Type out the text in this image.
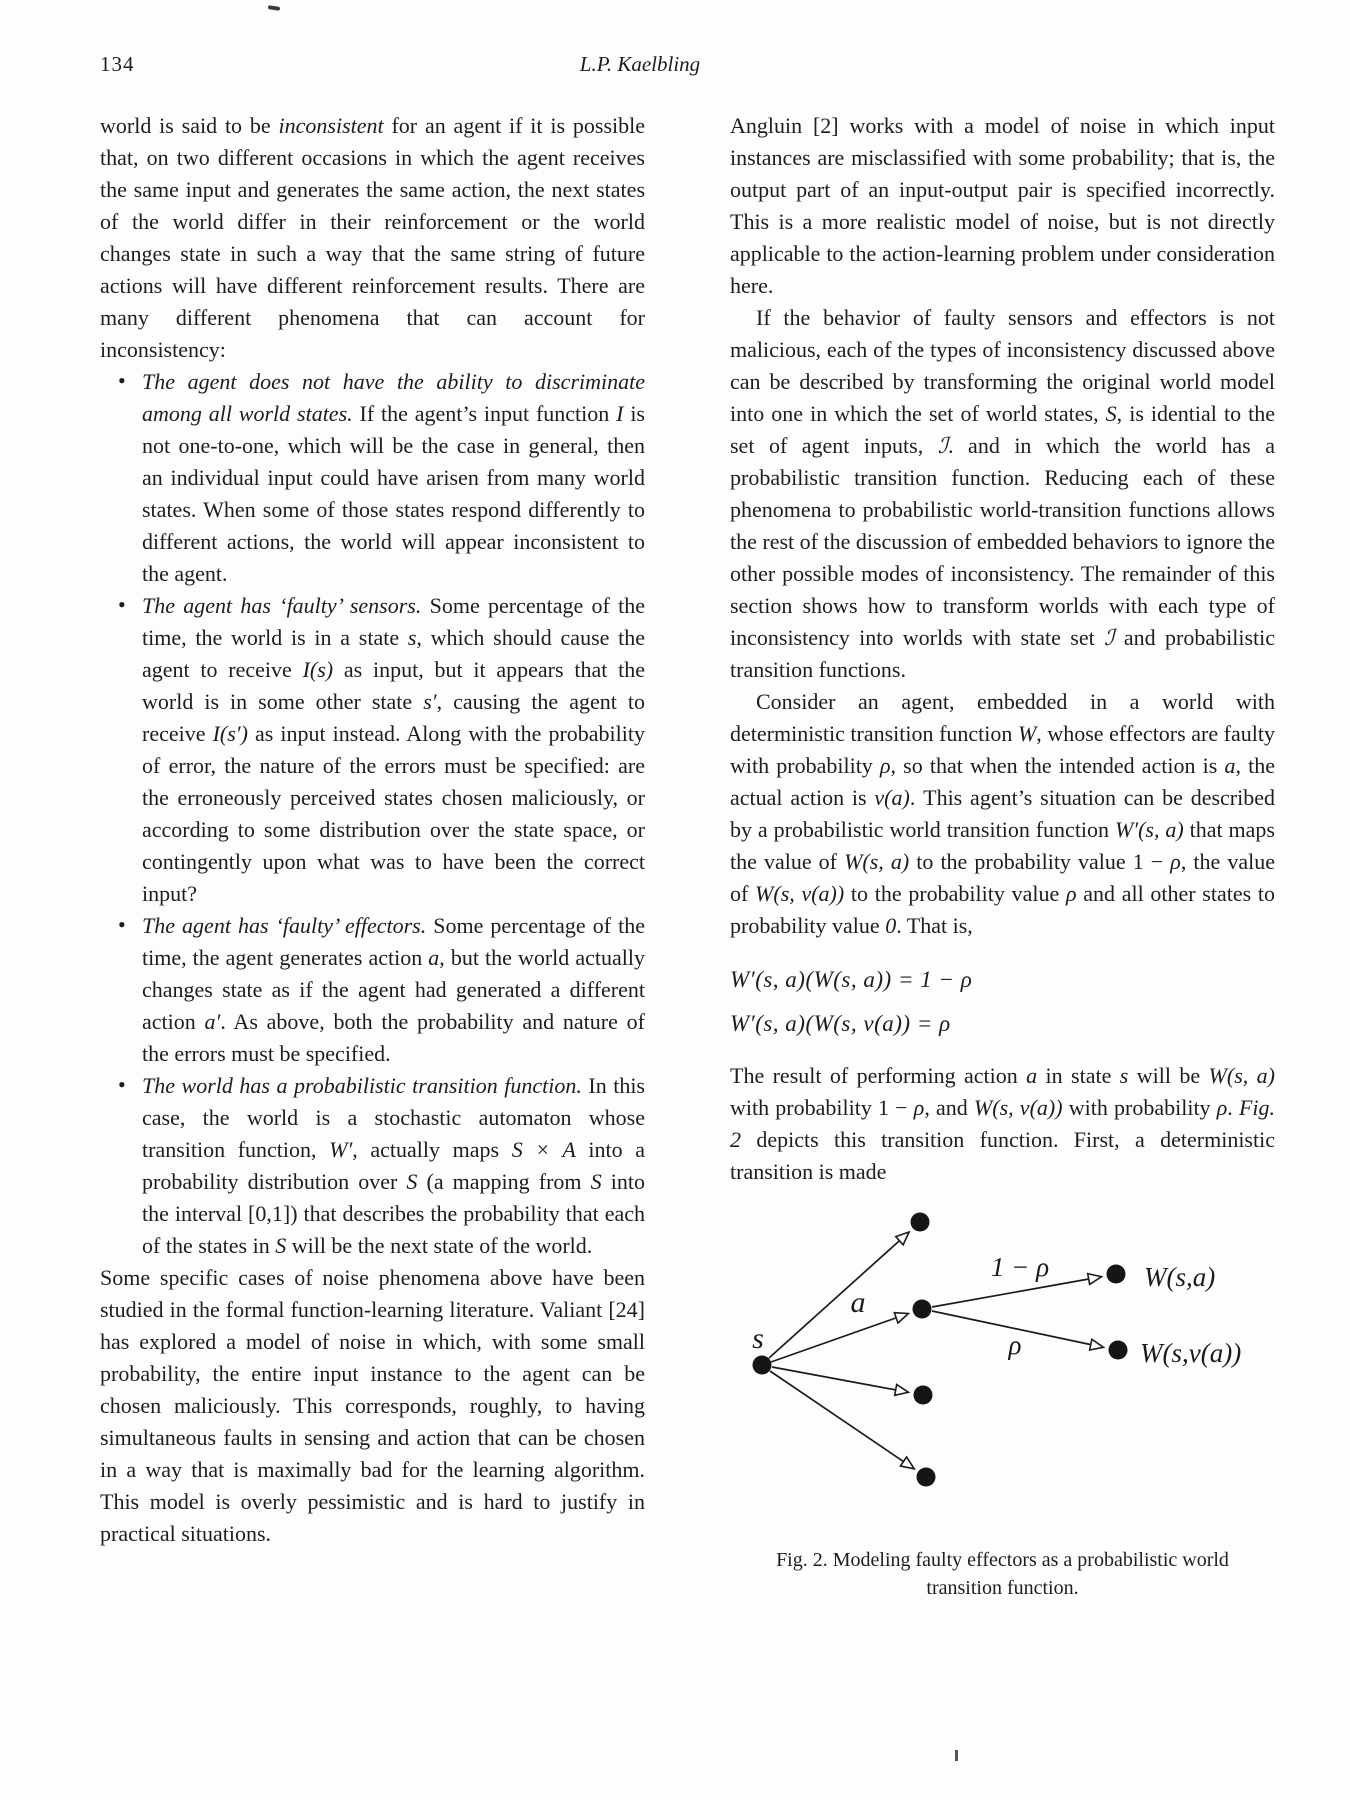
134	L.P. Kaelbling

world is said to be inconsistent for an agent if it is possible that, on two different occasions in which the agent receives the same input and generates the same action, the next states of the world differ in their reinforcement or the world changes state in such a way that the same string of future actions will have different reinforcement results. There are many different phenomena that can account for inconsistency:

• The agent does not have the ability to discriminate among all world states. If the agent’s input function I is not one-to-one, which will be the case in general, then an individual input could have arisen from many world states. When some of those states respond differently to different actions, the world will appear inconsistent to the agent.
• The agent has ‘faulty’ sensors. Some percentage of the time, the world is in a state s, which should cause the agent to receive I(s) as input, but it appears that the world is in some other state s′, causing the agent to receive I(s′) as input instead. Along with the probability of error, the nature of the errors must be specified: are the erroneously perceived states chosen maliciously, or according to some distribution over the state space, or contingently upon what was to have been the correct input?
• The agent has ‘faulty’ effectors. Some percentage of the time, the agent generates action a, but the world actually changes state as if the agent had generated a different action a′. As above, both the probability and nature of the errors must be specified.
• The world has a probabilistic transition function. In this case, the world is a stochastic automaton whose transition function, W′, actually maps S × A into a probability distribution over S (a mapping from S into the interval [0,1]) that describes the probability that each of the states in S will be the next state of the world.

Some specific cases of noise phenomena above have been studied in the formal function-learning literature. Valiant [24] has explored a model of noise in which, with some small probability, the entire input instance to the agent can be chosen maliciously. This corresponds, roughly, to having simultaneous faults in sensing and action that can be chosen in a way that is maximally bad for the learning algorithm. This model is overly pessimistic and is hard to justify in practical situations.

Angluin [2] works with a model of noise in which input instances are misclassified with some probability; that is, the output part of an input-output pair is specified incorrectly. This is a more realistic model of noise, but is not directly applicable to the action-learning problem under consideration here.

If the behavior of faulty sensors and effectors is not malicious, each of the types of inconsistency discussed above can be described by transforming the original world model into one in which the set of world states, S, is idential to the set of agent inputs, ℐ. and in which the world has a probabilistic transition function. Reducing each of these phenomena to probabilistic world-transition functions allows the rest of the discussion of embedded behaviors to ignore the other possible modes of inconsistency. The remainder of this section shows how to transform worlds with each type of inconsistency into worlds with state set ℐ and probabilistic transition functions.

Consider an agent, embedded in a world with deterministic transition function W, whose effectors are faulty with probability ρ, so that when the intended action is a, the actual action is ν(a). This agent’s situation can be described by a probabilistic world transition function W′(s, a) that maps the value of W(s, a) to the probability value 1 − ρ, the value of W(s, ν(a)) to the probability value ρ and all other states to probability value 0. That is,

W′(s, a)(W(s, a)) = 1 − ρ
W′(s, a)(W(s, ν(a)) = ρ

The result of performing action a in state s will be W(s, a) with probability 1 − ρ, and W(s, ν(a)) with probability ρ. Fig. 2 depicts this transition function. First, a deterministic transition is made

s
a
1 − ρ
ρ
W(s,a)
W(s,ν(a))
Fig. 2. Modeling faulty effectors as a probabilistic world transition function.
